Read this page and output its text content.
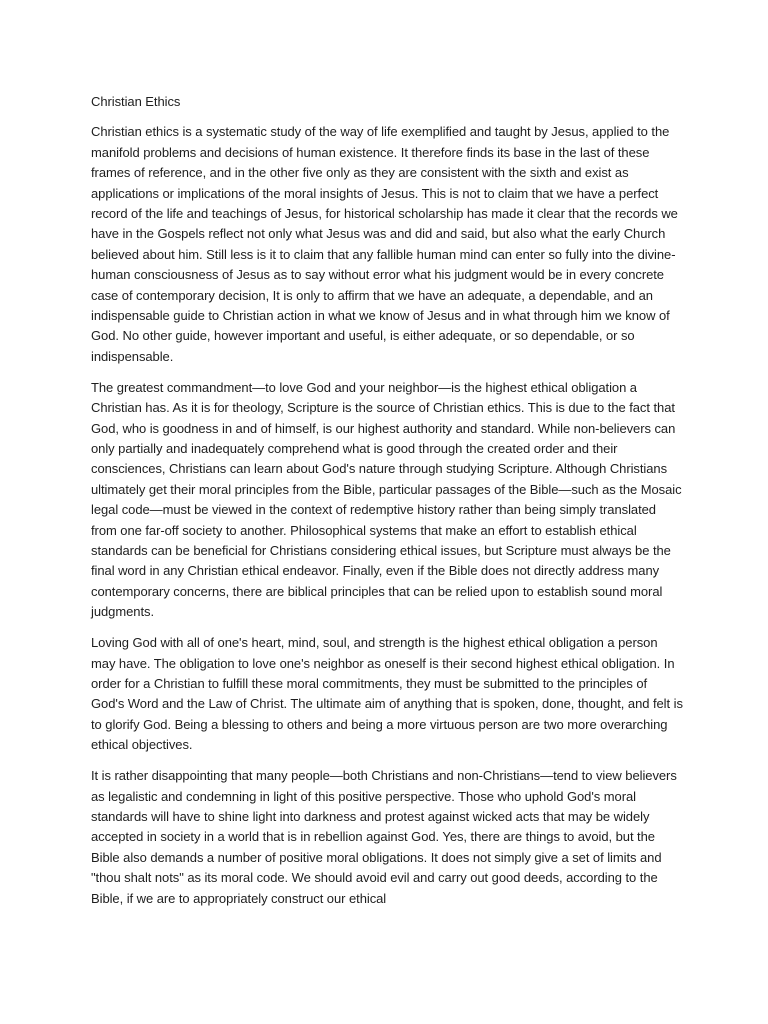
Christian Ethics

Christian ethics is a systematic study of the way of life exemplified and taught by Jesus, applied to the manifold problems and decisions of human existence. It therefore finds its base in the last of these frames of reference, and in the other five only as they are consistent with the sixth and exist as applications or implications of the moral insights of Jesus. This is not to claim that we have a perfect record of the life and teachings of Jesus, for historical scholarship has made it clear that the records we have in the Gospels reflect not only what Jesus was and did and said, but also what the early Church believed about him. Still less is it to claim that any fallible human mind can enter so fully into the divine-human consciousness of Jesus as to say without error what his judgment would be in every concrete case of contemporary decision, It is only to affirm that we have an adequate, a dependable, and an indispensable guide to Christian action in what we know of Jesus and in what through him we know of God. No other guide, however important and useful, is either adequate, or so dependable, or so indispensable.

The greatest commandment—to love God and your neighbor—is the highest ethical obligation a Christian has. As it is for theology, Scripture is the source of Christian ethics. This is due to the fact that God, who is goodness in and of himself, is our highest authority and standard. While non-believers can only partially and inadequately comprehend what is good through the created order and their consciences, Christians can learn about God's nature through studying Scripture. Although Christians ultimately get their moral principles from the Bible, particular passages of the Bible—such as the Mosaic legal code—must be viewed in the context of redemptive history rather than being simply translated from one far-off society to another. Philosophical systems that make an effort to establish ethical standards can be beneficial for Christians considering ethical issues, but Scripture must always be the final word in any Christian ethical endeavor. Finally, even if the Bible does not directly address many contemporary concerns, there are biblical principles that can be relied upon to establish sound moral judgments.

Loving God with all of one's heart, mind, soul, and strength is the highest ethical obligation a person may have. The obligation to love one's neighbor as oneself is their second highest ethical obligation. In order for a Christian to fulfill these moral commitments, they must be submitted to the principles of God's Word and the Law of Christ. The ultimate aim of anything that is spoken, done, thought, and felt is to glorify God. Being a blessing to others and being a more virtuous person are two more overarching ethical objectives.

It is rather disappointing that many people—both Christians and non-Christians—tend to view believers as legalistic and condemning in light of this positive perspective. Those who uphold God's moral standards will have to shine light into darkness and protest against wicked acts that may be widely accepted in society in a world that is in rebellion against God. Yes, there are things to avoid, but the Bible also demands a number of positive moral obligations. It does not simply give a set of limits and "thou shalt nots" as its moral code. We should avoid evil and carry out good deeds, according to the Bible, if we are to appropriately construct our ethical
